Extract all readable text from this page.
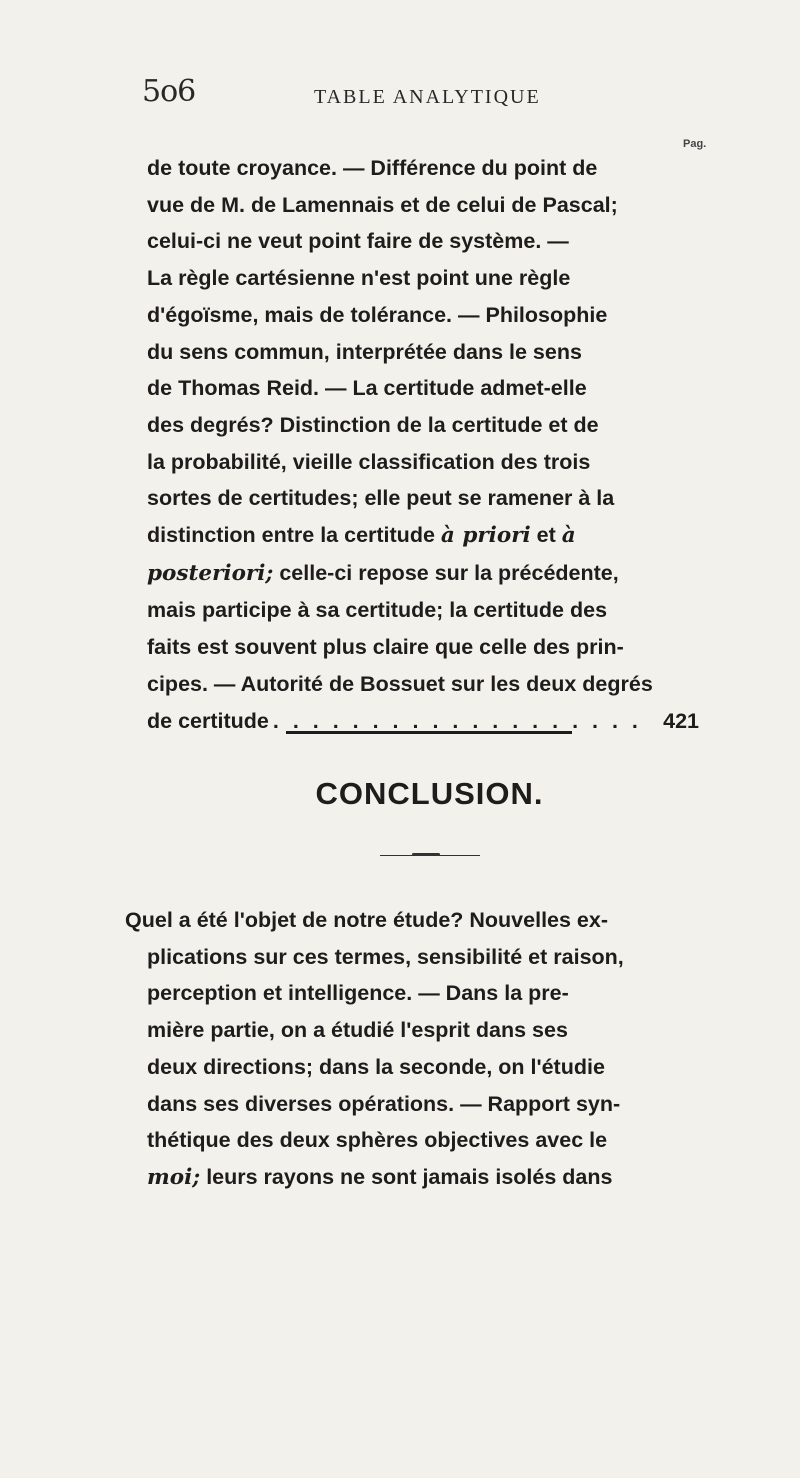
5o6	TABLE ANALYTIQUE
Pag.
de toute croyance. — Différence du point de
vue de M. de Lamennais et de celui de Pascal;
celui-ci ne veut point faire de système. —
La règle cartésienne n'est point une règle
d'égoïsme, mais de tolérance. — Philosophie
du sens commun, interprétée dans le sens
de Thomas Reid. — La certitude admet-elle
des degrés? Distinction de la certitude et de
la probabilité, vieille classification des trois
sortes de certitudes; elle peut se ramener à la
distinction entre la certitude à priori et à
posteriori; celle-ci repose sur la précédente,
mais participe à sa certitude; la certitude des
faits est souvent plus claire que celle des prin-
cipes. — Autorité de Bossuet sur les deux degrés
de certitude . . . . . . . . . . . . . . . . . . . 421
CONCLUSION.
Quel a été l'objet de notre étude? Nouvelles ex-
plications sur ces termes, sensibilité et raison,
perception et intelligence. — Dans la pre-
mière partie, on a étudié l'esprit dans ses
deux directions; dans la seconde, on l'étudie
dans ses diverses opérations. — Rapport syn-
thétique des deux sphères objectives avec le
moi; leurs rayons ne sont jamais isolés dans
